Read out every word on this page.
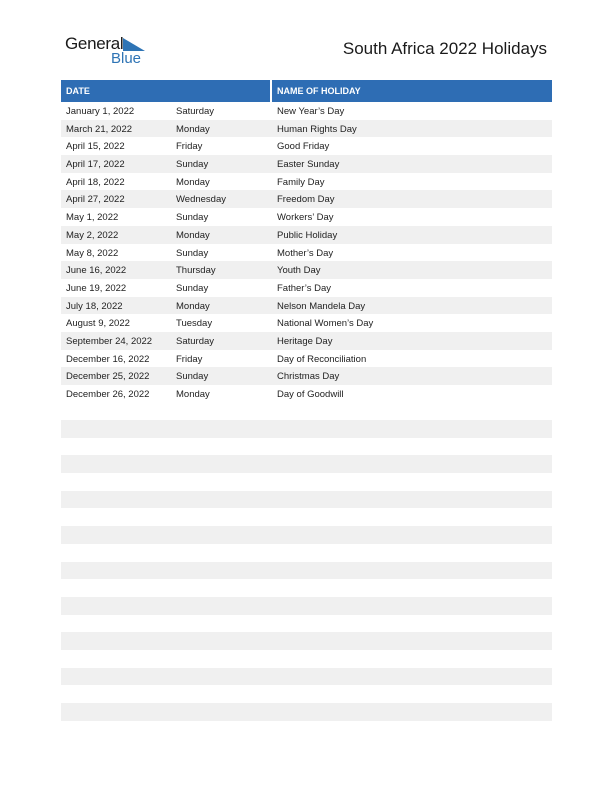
General
Blue
South Africa 2022 Holidays
DATE	NAME OF HOLIDAY
January 1, 2022	Saturday	New Year’s Day
March 21, 2022	Monday	Human Rights Day
April 15, 2022	Friday	Good Friday
April 17, 2022	Sunday	Easter Sunday
April 18, 2022	Monday	Family Day
April 27, 2022	Wednesday	Freedom Day
May 1, 2022	Sunday	Workers’ Day
May 2, 2022	Monday	Public Holiday
May 8, 2022	Sunday	Mother’s Day
June 16, 2022	Thursday	Youth Day
June 19, 2022	Sunday	Father’s Day
July 18, 2022	Monday	Nelson Mandela Day
August 9, 2022	Tuesday	National Women’s Day
September 24, 2022	Saturday	Heritage Day
December 16, 2022	Friday	Day of Reconciliation
December 25, 2022	Sunday	Christmas Day
December 26, 2022	Monday	Day of Goodwill
